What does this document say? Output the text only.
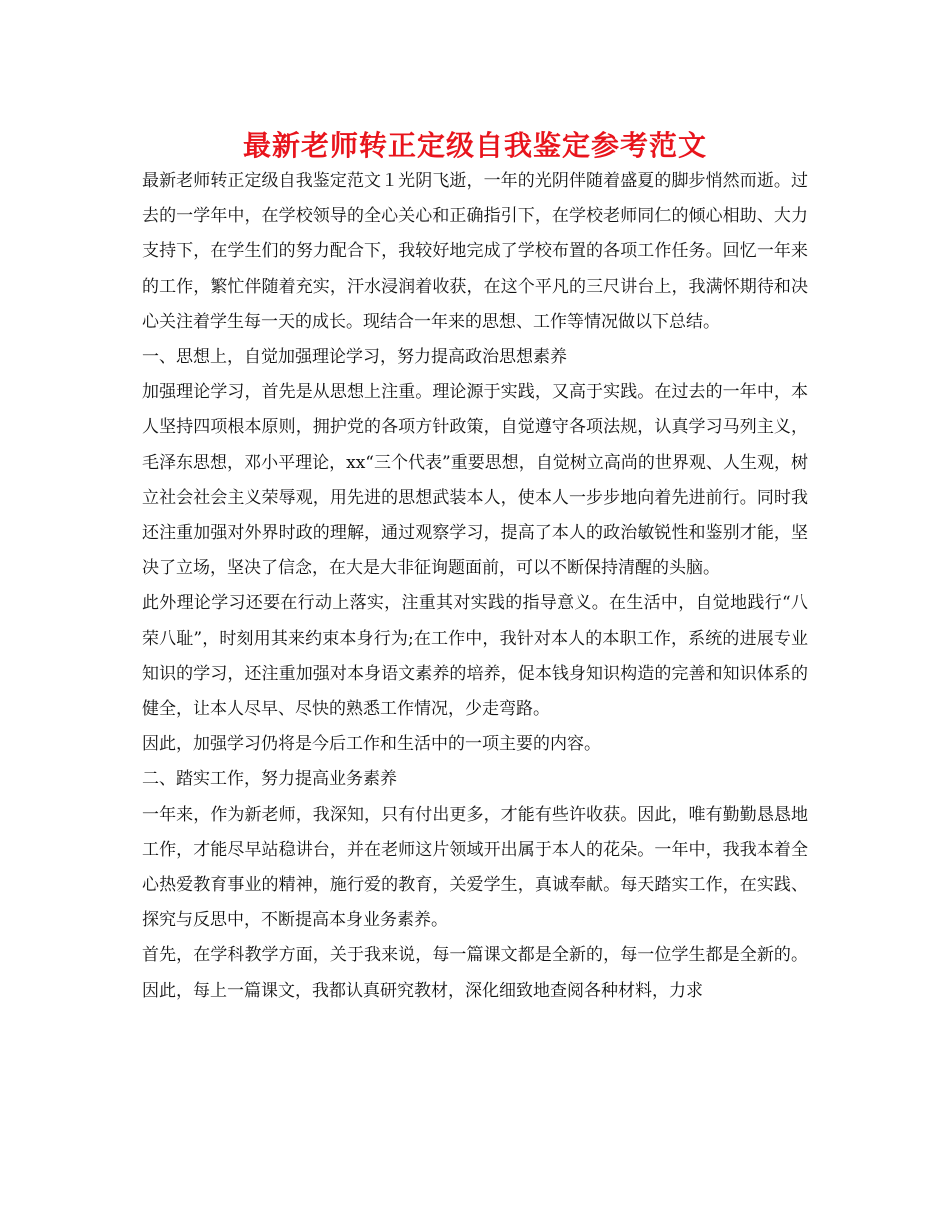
最新老师转正定级自我鉴定参考范文

最新老师转正定级自我鉴定范文１光阴飞逝，一年的光阴伴随着盛夏的脚步悄然而逝。过去的一学年中，在学校领导的全心关心和正确指引下，在学校老师同仁的倾心相助、大力支持下，在学生们的努力配合下，我较好地完成了学校布置的各项工作任务。回忆一年来的工作，繁忙伴随着充实，汗水浸润着收获，在这个平凡的三尺讲台上，我满怀期待和决心关注着学生每一天的成长。现结合一年来的思想、工作等情况做以下总结。

一、思想上，自觉加强理论学习，努力提高政治思想素养

加强理论学习，首先是从思想上注重。理论源于实践，又高于实践。在过去的一年中，本人坚持四项根本原则，拥护党的各项方针政策，自觉遵守各项法规，认真学习马列主义，毛泽东思想，邓小平理论，xx“三个代表”重要思想，自觉树立高尚的世界观、人生观，树立社会社会主义荣辱观，用先进的思想武装本人，使本人一步步地向着先进前行。同时我还注重加强对外界时政的理解，通过观察学习，提高了本人的政治敏锐性和鉴别才能，坚决了立场，坚决了信念，在大是大非征询题面前，可以不断保持清醒的头脑。

此外理论学习还要在行动上落实，注重其对实践的指导意义。在生活中，自觉地践行“八荣八耻”，时刻用其来约束本身行为;在工作中，我针对本人的本职工作，系统的进展专业知识的学习，还注重加强对本身语文素养的培养，促本钱身知识构造的完善和知识体系的健全，让本人尽早、尽快的熟悉工作情况，少走弯路。

因此，加强学习仍将是今后工作和生活中的一项主要的内容。

二、踏实工作，努力提高业务素养

一年来，作为新老师，我深知，只有付出更多，才能有些许收获。因此，唯有勤勤恳恳地工作，才能尽早站稳讲台，并在老师这片领域开出属于本人的花朵。一年中，我我本着全心热爱教育事业的精神，施行爱的教育，关爱学生，真诚奉献。每天踏实工作，在实践、探究与反思中，不断提高本身业务素养。

首先，在学科教学方面，关于我来说，每一篇课文都是全新的，每一位学生都是全新的。因此，每上一篇课文，我都认真研究教材，深化细致地查阅各种材料，力求
